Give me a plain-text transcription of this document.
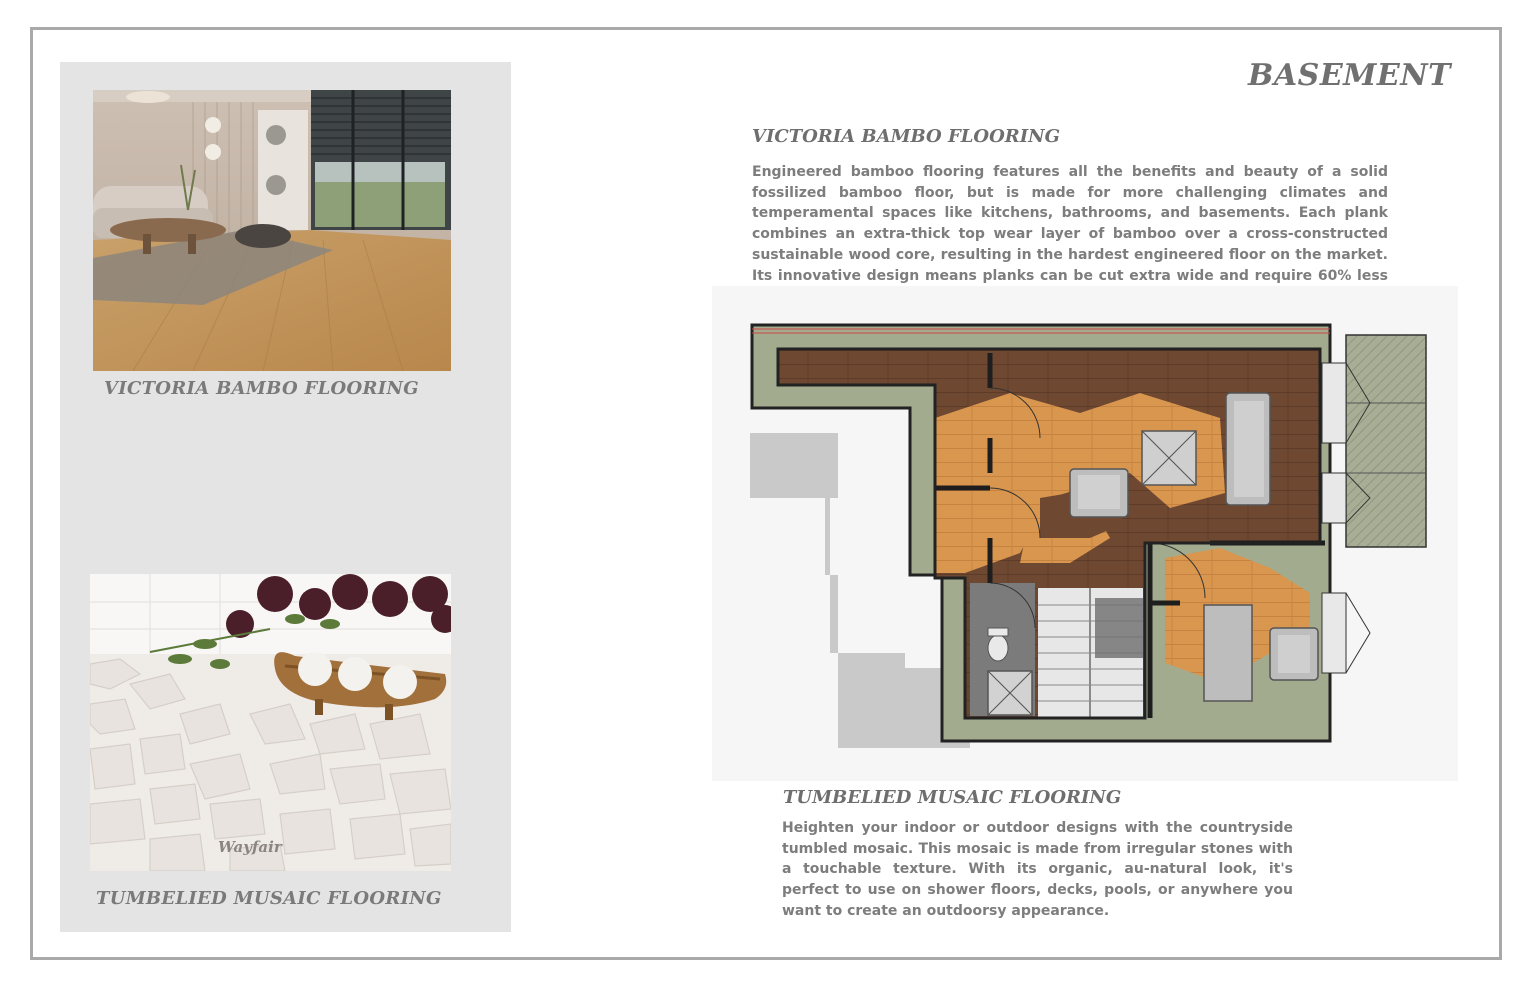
VICTORIA BAMBO FLOORING
Wayfair
TUMBELIED MUSAIC FLOORING
BASEMENT
VICTORIA BAMBO FLOORING
Engineered bamboo flooring features all the benefits and beauty of a solid fossilized bamboo floor, but is made for more challenging climates and temperamental spaces like kitchens, bathrooms, and basements. Each plank combines an extra-thick top wear layer of bamboo over a cross-constructed sustainable wood core, resulting in the hardest engineered floor on the market. Its innovative design means planks can be cut extra wide and require 60% less
TUMBELIED MUSAIC FLOORING
Heighten your indoor or outdoor designs with the countryside tumbled mosaic. This mosaic is made from irregular stones with a touchable texture. With its organic, au-natural look, it's perfect to use on shower floors, decks, pools, or anywhere you want to create an outdoorsy appearance.
